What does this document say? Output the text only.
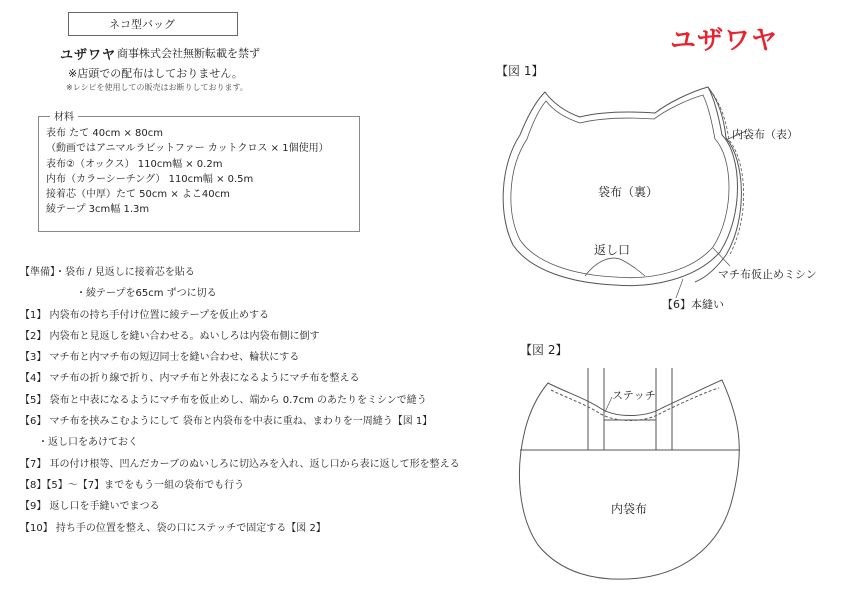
ネコ型バッグ
ユザワヤ 商事株式会社無断転載を禁ず
※店頭での配布はしておりません。
※レシピを使用しての販売はお断りしております。
材料
表布 たて 40cm × 80cm
（動画ではアニマルラビットファー カットクロス × 1個使用）
表布②（オックス） 110cm幅 × 0.2m
内布（カラーシーチング） 110cm幅 × 0.5m
接着芯（中厚）たて 50cm × よこ40cm
綾テープ 3cm幅 1.3m
【準備】・袋布 / 見返しに接着芯を貼る
・綾テープを65cm ずつに切る
【1】 内袋布の持ち手付け位置に綾テープを仮止めする
【2】 内袋布と見返しを縫い合わせる。ぬいしろは内袋布側に倒す
【3】 マチ布と内マチ布の短辺同士を縫い合わせ、輪状にする
【4】 マチ布の折り線で折り、内マチ布と外表になるようにマチ布を整える
【5】 袋布と中表になるようにマチ布を仮止めし、端から 0.7cm のあたりをミシンで縫う
【6】 マチ布を挟みこむようにして 袋布と内袋布を中表に重ね、まわりを一周縫う【図 1】
・返し口をあけておく
【7】 耳の付け根等、凹んだカーブのぬいしろに切込みを入れ、返し口から表に返して形を整える
【8】【5】～【7】までをもう一組の袋布でも行う
【9】 返し口を手縫いでまつる
【10】 持ち手の位置を整え、袋の口にステッチで固定する【図 2】
ユザワヤ
【図 1】
【図 2】
袋布（裏）
内袋布（表）
返し口
マチ布仮止めミシン
【6】本縫い
ステッチ
内袋布
